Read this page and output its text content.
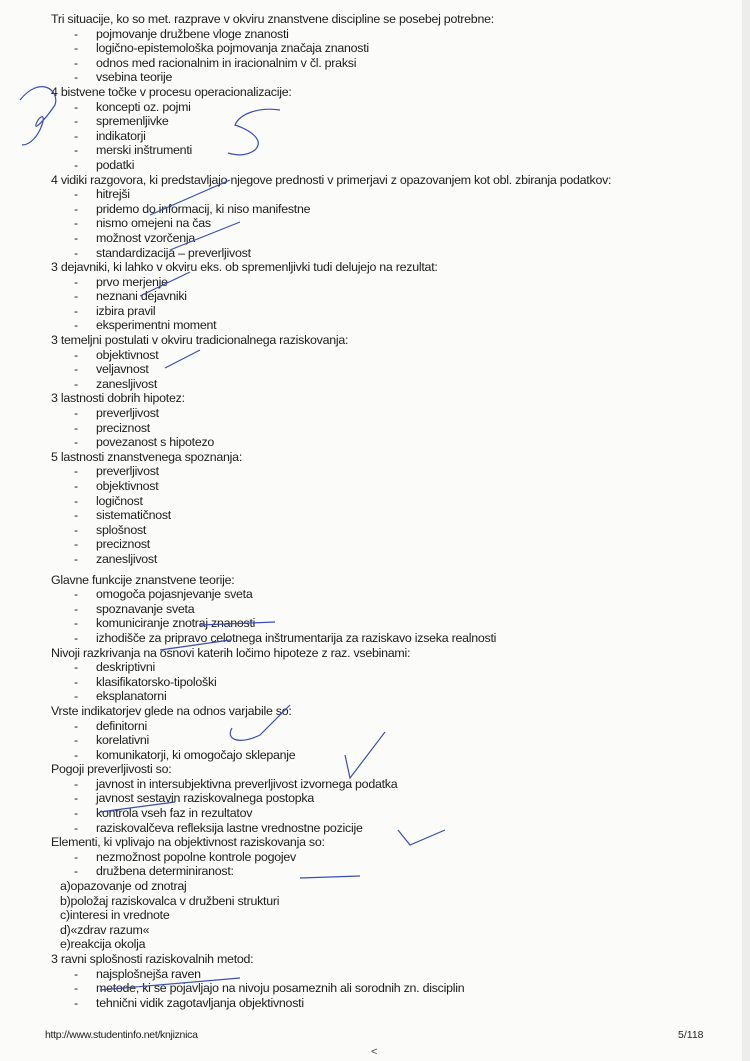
Tri situacije, ko so met. razprave v okviru znanstvene discipline se posebej potrebne:
- pojmovanje družbene vloge znanosti
- logično-epistemološka pojmovanja značaja znanosti
- odnos med racionalnim in iracionalnim v čl. praksi
- vsebina teorije
4 bistvene točke v procesu operacionalizacije:
- koncepti oz. pojmi
- spremenljivke
- indikatorji
- merski inštrumenti
- podatki
4 vidiki razgovora, ki predstavljajo njegove prednosti v primerjavi z opazovanjem kot obl. zbiranja podatkov:
- hitrejši
- pridemo do informacij, ki niso manifestne
- nismo omejeni na čas
- možnost vzorčenja
- standardizacija – preverljivost
3 dejavniki, ki lahko v okviru eks. ob spremenljivki tudi delujejo na rezultat:
- prvo merjenje
- neznani dejavniki
- izbira pravil
- eksperimentni moment
3 temeljni postulati v okviru tradicionalnega raziskovanja:
- objektivnost
- veljavnost
- zanesljivost
3 lastnosti dobrih hipotez:
- preverljivost
- preciznost
- povezanost s hipotezo
5 lastnosti znanstvenega spoznanja:
- preverljivost
- objektivnost
- logičnost
- sistematičnost
- splošnost
- preciznost
- zanesljivost
Glavne funkcije znanstvene teorije:
- omogoča pojasnjevanje sveta
- spoznavanje sveta
- komuniciranje znotraj znanosti
- izhodišče za pripravo celotnega inštrumentarija za raziskavo izseka realnosti
Nivoji razkrivanja na osnovi katerih ločimo hipoteze z raz. vsebinami:
- deskriptivni
- klasifikatorsko-tipološki
- eksplanatorni
Vrste indikatorjev glede na odnos varjabile so:
- definitorni
- korelativni
- komunikatorji, ki omogočajo sklepanje
Pogoji preverljivosti so:
- javnost in intersubjektivna preverljivost izvornega podatka
- javnost sestavin raziskovalnega postopka
- kontrola vseh faz in rezultatov
- raziskovalčeva refleksija lastne vrednostne pozicije
Elementi, ki vplivajo na objektivnost raziskovanja so:
- nezmožnost popolne kontrole pogojev
- družbena determiniranost:
a)opazovanje od znotraj
b)položaj raziskovalca v družbeni strukturi
c)interesi in vrednote
d)«zdrav razum«
e)reakcija okolja
3 ravni splošnosti raziskovalnih metod:
- najsplošnejša raven
- metode, ki se pojavljajo na nivoju posameznih ali sorodnih zn. disciplin
- tehnični vidik zagotavljanja objektivnosti
http://www.studentinfo.net/knjiznica	5/118
<
